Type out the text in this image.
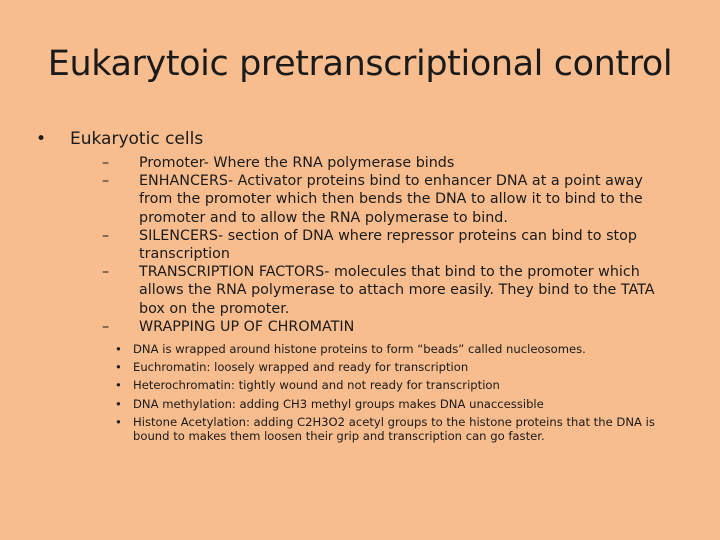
Eukarytoic pretranscriptional control
• Eukaryotic cells
– Promoter- Where the RNA polymerase binds
– ENHANCERS- Activator proteins bind to enhancer DNA at a point away from the promoter which then bends the DNA to allow it to bind to the promoter and to allow the RNA polymerase to bind.
– SILENCERS- section of DNA where repressor proteins can bind to stop transcription
– TRANSCRIPTION FACTORS- molecules that bind to the promoter which allows the RNA polymerase to attach more easily. They bind to the TATA box on the promoter.
– WRAPPING UP OF CHROMATIN
• DNA is wrapped around histone proteins to form “beads” called nucleosomes.
• Euchromatin: loosely wrapped and ready for transcription
• Heterochromatin: tightly wound and not ready for transcription
• DNA methylation: adding CH3 methyl groups makes DNA unaccessible
• Histone Acetylation: adding C2H3O2 acetyl groups to the histone proteins that the DNA is bound to makes them loosen their grip and transcription can go faster.
